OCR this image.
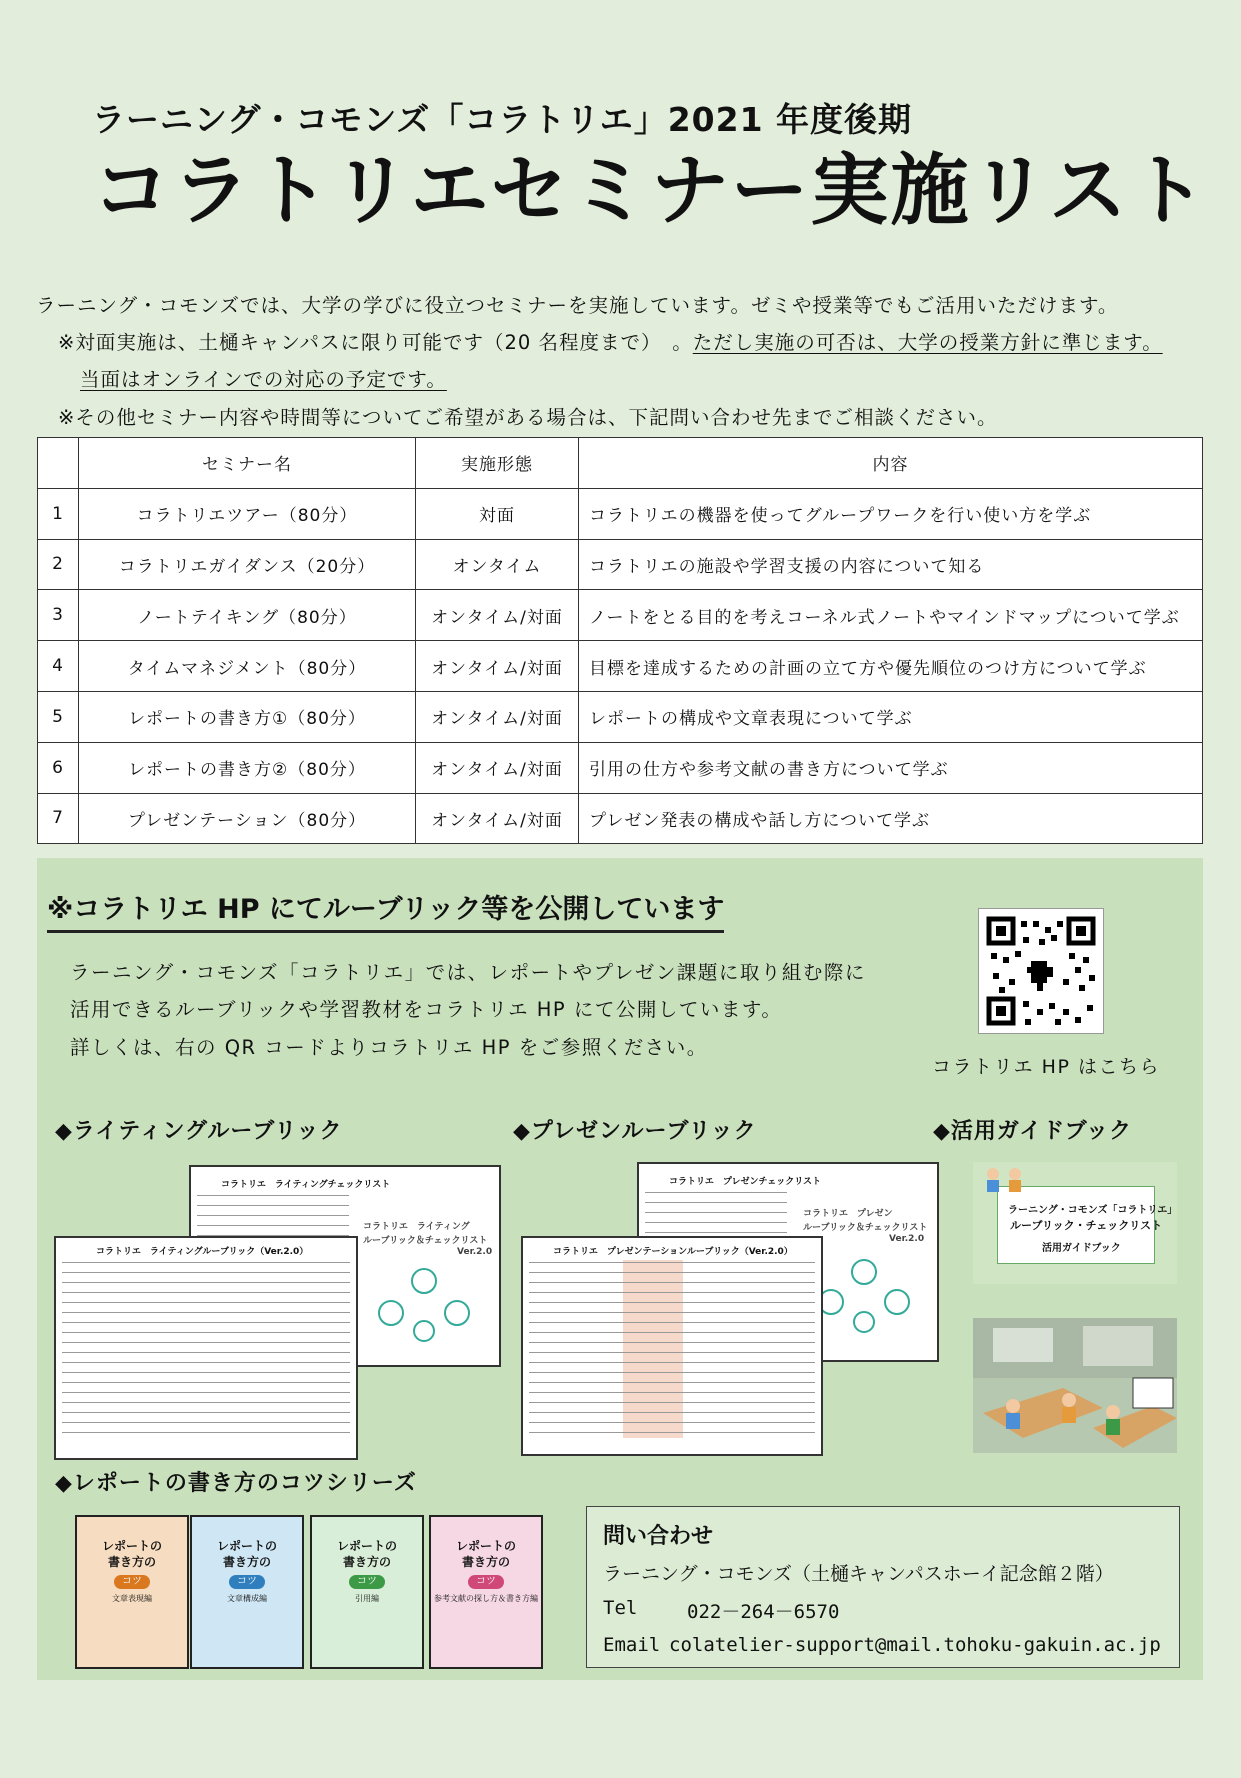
ラーニング・コモンズ「コラトリエ」2021 年度後期
コラトリエセミナー実施リスト
ラーニング・コモンズでは、大学の学びに役立つセミナーを実施しています。ゼミや授業等でもご活用いただけます。
※対面実施は、土樋キャンパスに限り可能です（20 名程度まで）　。ただし実施の可否は、大学の授業方針に準じます。
当面はオンラインでの対応の予定です。
※その他セミナー内容や時間等についてご希望がある場合は、下記問い合わせ先までご相談ください。
	セミナー名	実施形態	内容
1	コラトリエツアー（80分）	対面	コラトリエの機器を使ってグループワークを行い使い方を学ぶ
2	コラトリエガイダンス（20分）	オンタイム	コラトリエの施設や学習支援の内容について知る
3	ノートテイキング（80分）	オンタイム/対面	ノートをとる目的を考えコーネル式ノートやマインドマップについて学ぶ
4	タイムマネジメント（80分）	オンタイム/対面	目標を達成するための計画の立て方や優先順位のつけ方について学ぶ
5	レポートの書き方①（80分）	オンタイム/対面	レポートの構成や文章表現について学ぶ
6	レポートの書き方②（80分）	オンタイム/対面	引用の仕方や参考文献の書き方について学ぶ
7	プレゼンテーション（80分）	オンタイム/対面	プレゼン発表の構成や話し方について学ぶ
※コラトリエ HP にてルーブリック等を公開しています
ラーニング・コモンズ「コラトリエ」では、レポートやプレゼン課題に取り組む際に
活用できるルーブリックや学習教材をコラトリエ HP にて公開しています。
詳しくは、右の QR コードよりコラトリエ HP をご参照ください。
コラトリエ HP はこちら
◆ライティングルーブリック	◆プレゼンルーブリック	◆活用ガイドブック
◆レポートの書き方のコツシリーズ
コラトリエ　ライティングチェックリスト
コラトリエ　ライティング
ルーブリック＆チェックリスト
Ver.2.0
コラトリエ　ライティングルーブリック（Ver.2.0）
コラトリエ　プレゼンチェックリスト
コラトリエ　プレゼン
ルーブリック＆チェックリスト
Ver.2.0
コラトリエ　プレゼンテーションルーブリック（Ver.2.0）
ラーニング・コモンズ「コラトリエ」
ルーブリック・チェックリスト
活用ガイドブック
レポートの
書き方の
コツ
文章表現編
レポートの
書き方の
コツ
文章構成編
レポートの
書き方の
コツ
引用編
レポートの
書き方の
コツ
参考文献の探し方＆書き方編
問い合わせ
ラーニング・コモンズ（土樋キャンパスホーイ記念館２階）
Tel	022－264－6570
Email colatelier-support@mail.tohoku-gakuin.ac.jp
